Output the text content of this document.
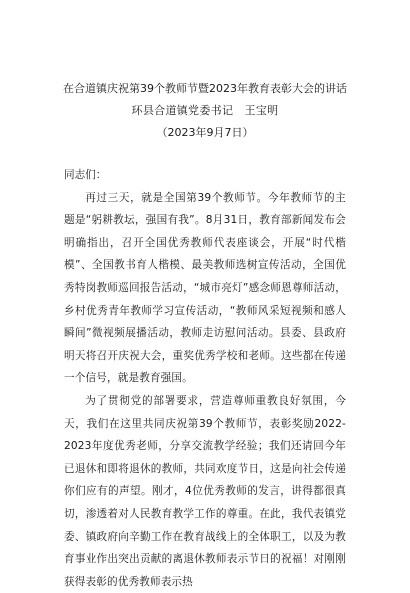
在合道镇庆祝第39个教师节暨2023年教育表彰大会的讲话
环县合道镇党委书记　王宝明
（2023年9月7日）

同志们：

再过三天，就是全国第39个教师节。今年教师节的主题是“躬耕教坛，强国有我”。8月31日，教育部新闻发布会明确指出，召开全国优秀教师代表座谈会，开展“时代楷模”、全国教书育人楷模、最美教师选树宣传活动，全国优秀特岗教师巡回报告活动，“城市亮灯”感念师恩尊师活动，乡村优秀青年教师学习宣传活动，“教师风采短视频和感人瞬间”微视频展播活动，教师走访慰问活动。县委、县政府明天将召开庆祝大会，重奖优秀学校和老师。这些都在传递一个信号，就是教育强国。

为了贯彻党的部署要求，营造尊师重教良好氛围，今天，我们在这里共同庆祝第39个教师节，表彰奖励2022-2023年度优秀老师，分享交流教学经验；我们还请回今年已退休和即将退休的教师，共同欢度节日，这是向社会传递你们应有的声望。刚才，4位优秀教师的发言，讲得都很真切，渗透着对人民教育教学工作的尊重。在此，我代表镇党委、镇政府向辛勤工作在教育战线上的全体职工，以及为教育事业作出突出贡献的离退休教师表示节日的祝福！对刚刚获得表彰的优秀教师表示热
